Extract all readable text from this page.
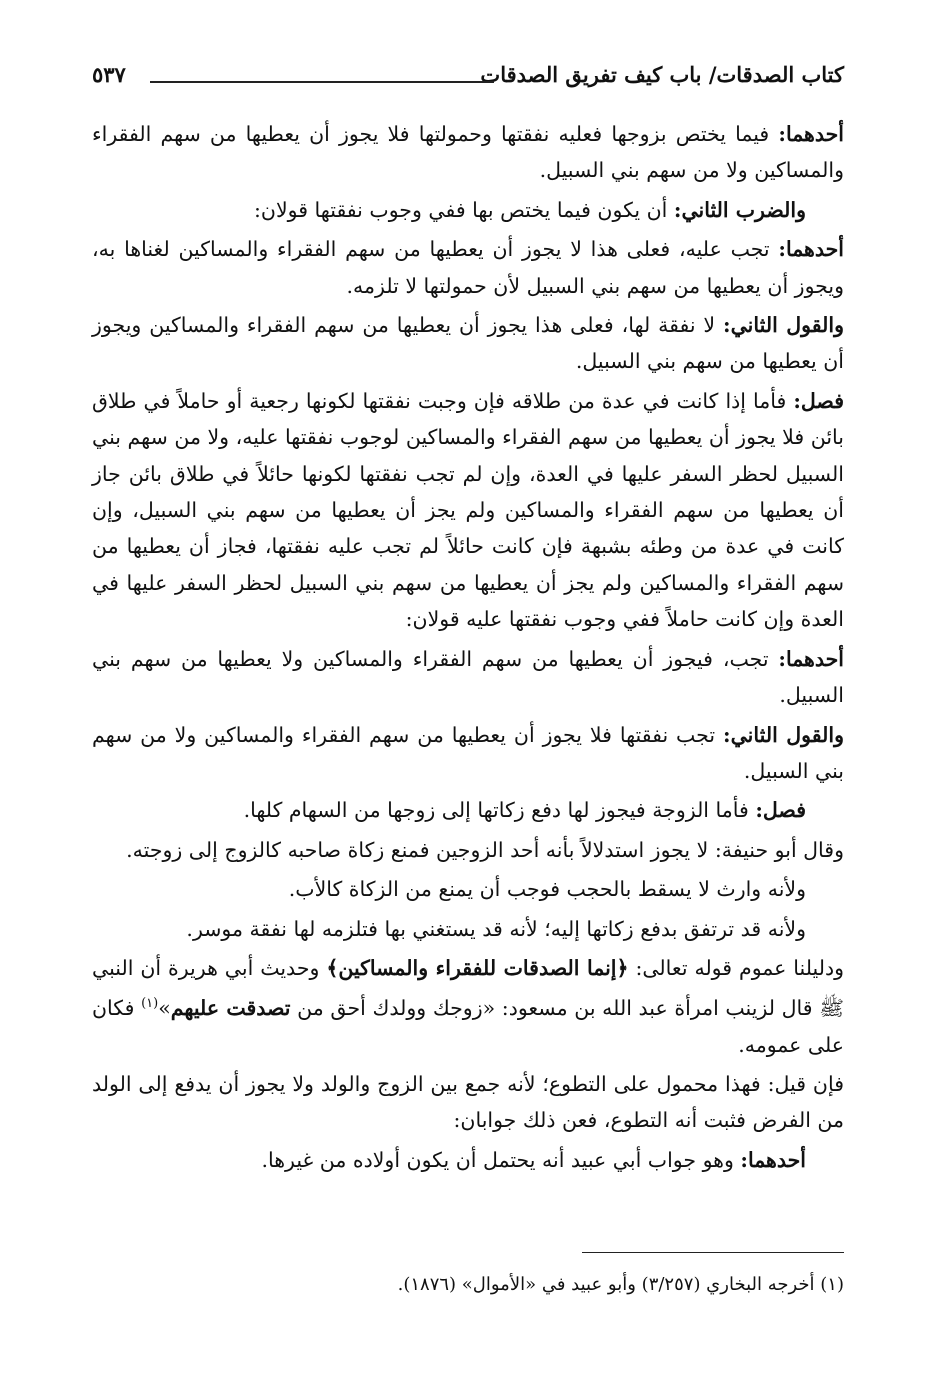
كتاب الصدقات/ باب كيف تفريق الصدقات
٥٣٧

أحدهما: فيما يختص بزوجها فعليه نفقتها وحمولتها فلا يجوز أن يعطيها من سهم الفقراء والمساكين ولا من سهم بني السبيل.

والضرب الثاني: أن يكون فيما يختص بها ففي وجوب نفقتها قولان:

أحدهما: تجب عليه، فعلى هذا لا يجوز أن يعطيها من سهم الفقراء والمساكين لغناها به، ويجوز أن يعطيها من سهم بني السبيل لأن حمولتها لا تلزمه.

والقول الثاني: لا نفقة لها، فعلى هذا يجوز أن يعطيها من سهم الفقراء والمساكين ويجوز أن يعطيها من سهم بني السبيل.

فصل: فأما إذا كانت في عدة من طلاقه فإن وجبت نفقتها لكونها رجعية أو حاملاً في طلاق بائن فلا يجوز أن يعطيها من سهم الفقراء والمساكين لوجوب نفقتها عليه، ولا من سهم بني السبيل لحظر السفر عليها في العدة، وإن لم تجب نفقتها لكونها حائلاً في طلاق بائن جاز أن يعطيها من سهم الفقراء والمساكين ولم يجز أن يعطيها من سهم بني السبيل، وإن كانت في عدة من وطئه بشبهة فإن كانت حائلاً لم تجب عليه نفقتها، فجاز أن يعطيها من سهم الفقراء والمساكين ولم يجز أن يعطيها من سهم بني السبيل لحظر السفر عليها في العدة وإن كانت حاملاً ففي وجوب نفقتها عليه قولان:

أحدهما: تجب، فيجوز أن يعطيها من سهم الفقراء والمساكين ولا يعطيها من سهم بني السبيل.

والقول الثاني: تجب نفقتها فلا يجوز أن يعطيها من سهم الفقراء والمساكين ولا من سهم بني السبيل.

فصل: فأما الزوجة فيجوز لها دفع زكاتها إلى زوجها من السهام كلها.

وقال أبو حنيفة: لا يجوز استدلالاً بأنه أحد الزوجين فمنع زكاة صاحبه كالزوج إلى زوجته.

ولأنه وارث لا يسقط بالحجب فوجب أن يمنع من الزكاة كالأب.

ولأنه قد ترتفق بدفع زكاتها إليه؛ لأنه قد يستغني بها فتلزمه لها نفقة موسر.

ودليلنا عموم قوله تعالى: ﴿إنما الصدقات للفقراء والمساكين﴾ وحديث أبي هريرة أن النبي ﷺ قال لزينب امرأة عبد الله بن مسعود: «زوجك وولدك أحق من تصدقت عليهم»$^{(١)}$ فكان على عمومه.

فإن قيل: فهذا محمول على التطوع؛ لأنه جمع بين الزوج والولد ولا يجوز أن يدفع إلى الولد من الفرض فثبت أنه التطوع، فعن ذلك جوابان:

أحدهما: وهو جواب أبي عبيد أنه يحتمل أن يكون أولاده من غيرها.

(١) أخرجه البخاري (٣/٢٥٧) وأبو عبيد في «الأموال» (١٨٧٦).
